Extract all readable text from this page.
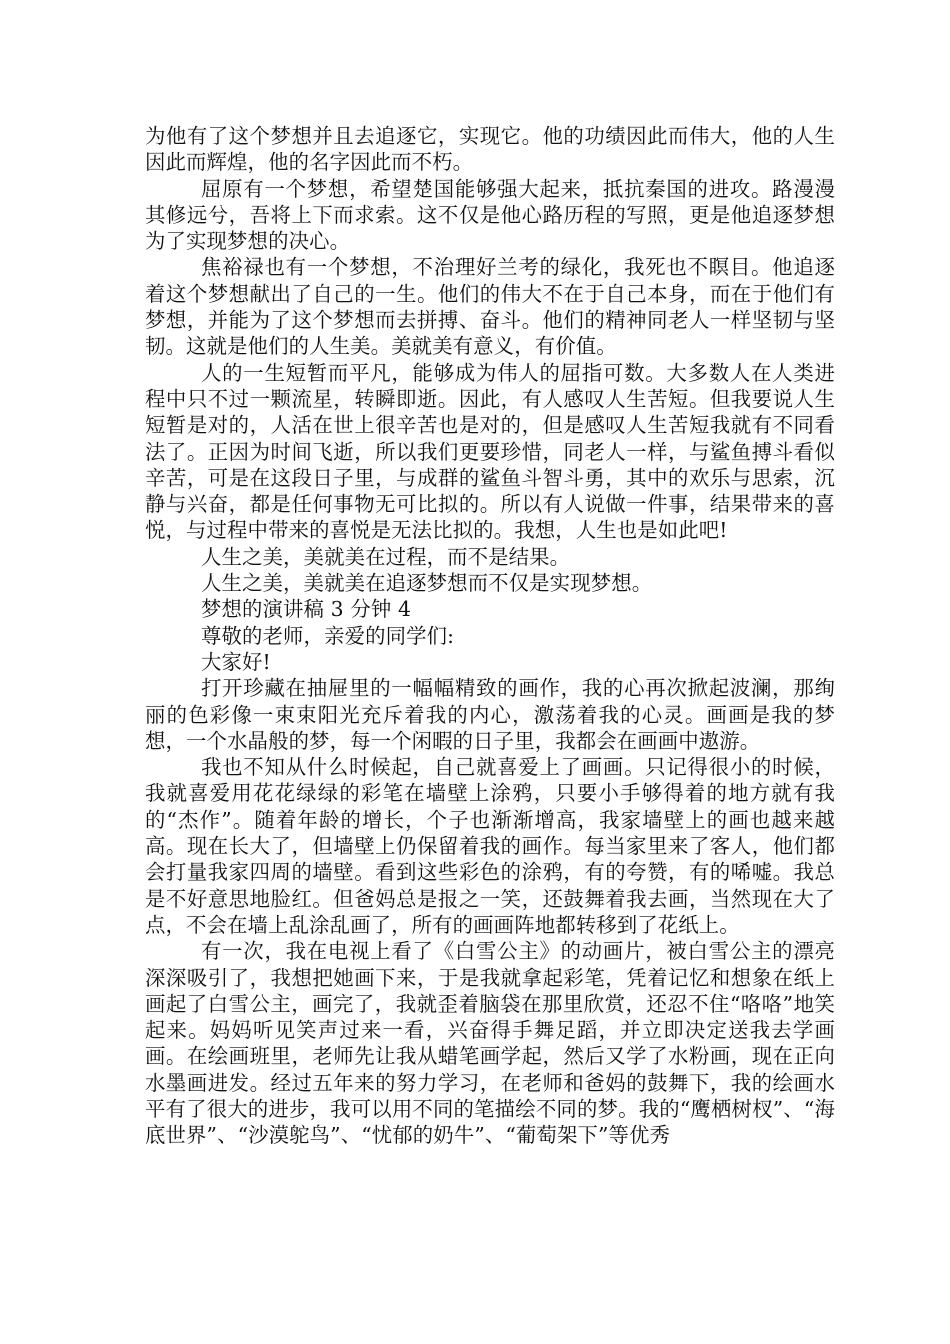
为他有了这个梦想并且去追逐它，实现它。他的功绩因此而伟大，他的人生因此而辉煌，他的名字因此而不朽。

屈原有一个梦想，希望楚国能够强大起来，抵抗秦国的进攻。路漫漫其修远兮，吾将上下而求索。这不仅是他心路历程的写照，更是他追逐梦想为了实现梦想的决心。

焦裕禄也有一个梦想，不治理好兰考的绿化，我死也不瞑目。他追逐着这个梦想献出了自己的一生。他们的伟大不在于自己本身，而在于他们有梦想，并能为了这个梦想而去拼搏、奋斗。他们的精神同老人一样坚韧与坚韧。这就是他们的人生美。美就美有意义，有价值。

人的一生短暂而平凡，能够成为伟人的屈指可数。大多数人在人类进程中只不过一颗流星，转瞬即逝。因此，有人感叹人生苦短。但我要说人生短暂是对的，人活在世上很辛苦也是对的，但是感叹人生苦短我就有不同看法了。正因为时间飞逝，所以我们更要珍惜，同老人一样，与鲨鱼搏斗看似辛苦，可是在这段日子里，与成群的鲨鱼斗智斗勇，其中的欢乐与思索，沉静与兴奋，都是任何事物无可比拟的。所以有人说做一件事，结果带来的喜悦，与过程中带来的喜悦是无法比拟的。我想，人生也是如此吧!

人生之美，美就美在过程，而不是结果。

人生之美，美就美在追逐梦想而不仅是实现梦想。

梦想的演讲稿 3 分钟 4

尊敬的老师，亲爱的同学们:

大家好!

打开珍藏在抽屉里的一幅幅精致的画作，我的心再次掀起波澜，那绚丽的色彩像一束束阳光充斥着我的内心，激荡着我的心灵。画画是我的梦想，一个水晶般的梦，每一个闲暇的日子里，我都会在画画中遨游。

我也不知从什么时候起，自己就喜爱上了画画。只记得很小的时候，我就喜爱用花花绿绿的彩笔在墙壁上涂鸦，只要小手够得着的地方就有我的“杰作”。随着年龄的增长，个子也渐渐增高，我家墙壁上的画也越来越高。现在长大了，但墙壁上仍保留着我的画作。每当家里来了客人，他们都会打量我家四周的墙壁。看到这些彩色的涂鸦，有的夸赞，有的唏嘘。我总是不好意思地脸红。但爸妈总是报之一笑，还鼓舞着我去画，当然现在大了点，不会在墙上乱涂乱画了，所有的画画阵地都转移到了花纸上。

有一次，我在电视上看了《白雪公主》的动画片，被白雪公主的漂亮深深吸引了，我想把她画下来，于是我就拿起彩笔，凭着记忆和想象在纸上画起了白雪公主，画完了，我就歪着脑袋在那里欣赏，还忍不住“咯咯”地笑起来。妈妈听见笑声过来一看，兴奋得手舞足蹈，并立即决定送我去学画画。在绘画班里，老师先让我从蜡笔画学起，然后又学了水粉画，现在正向水墨画进发。经过五年来的努力学习，在老师和爸妈的鼓舞下，我的绘画水平有了很大的进步，我可以用不同的笔描绘不同的梦。我的“鹰栖树杈”、“海底世界”、“沙漠鸵鸟”、“忧郁的奶牛”、“葡萄架下”等优秀
